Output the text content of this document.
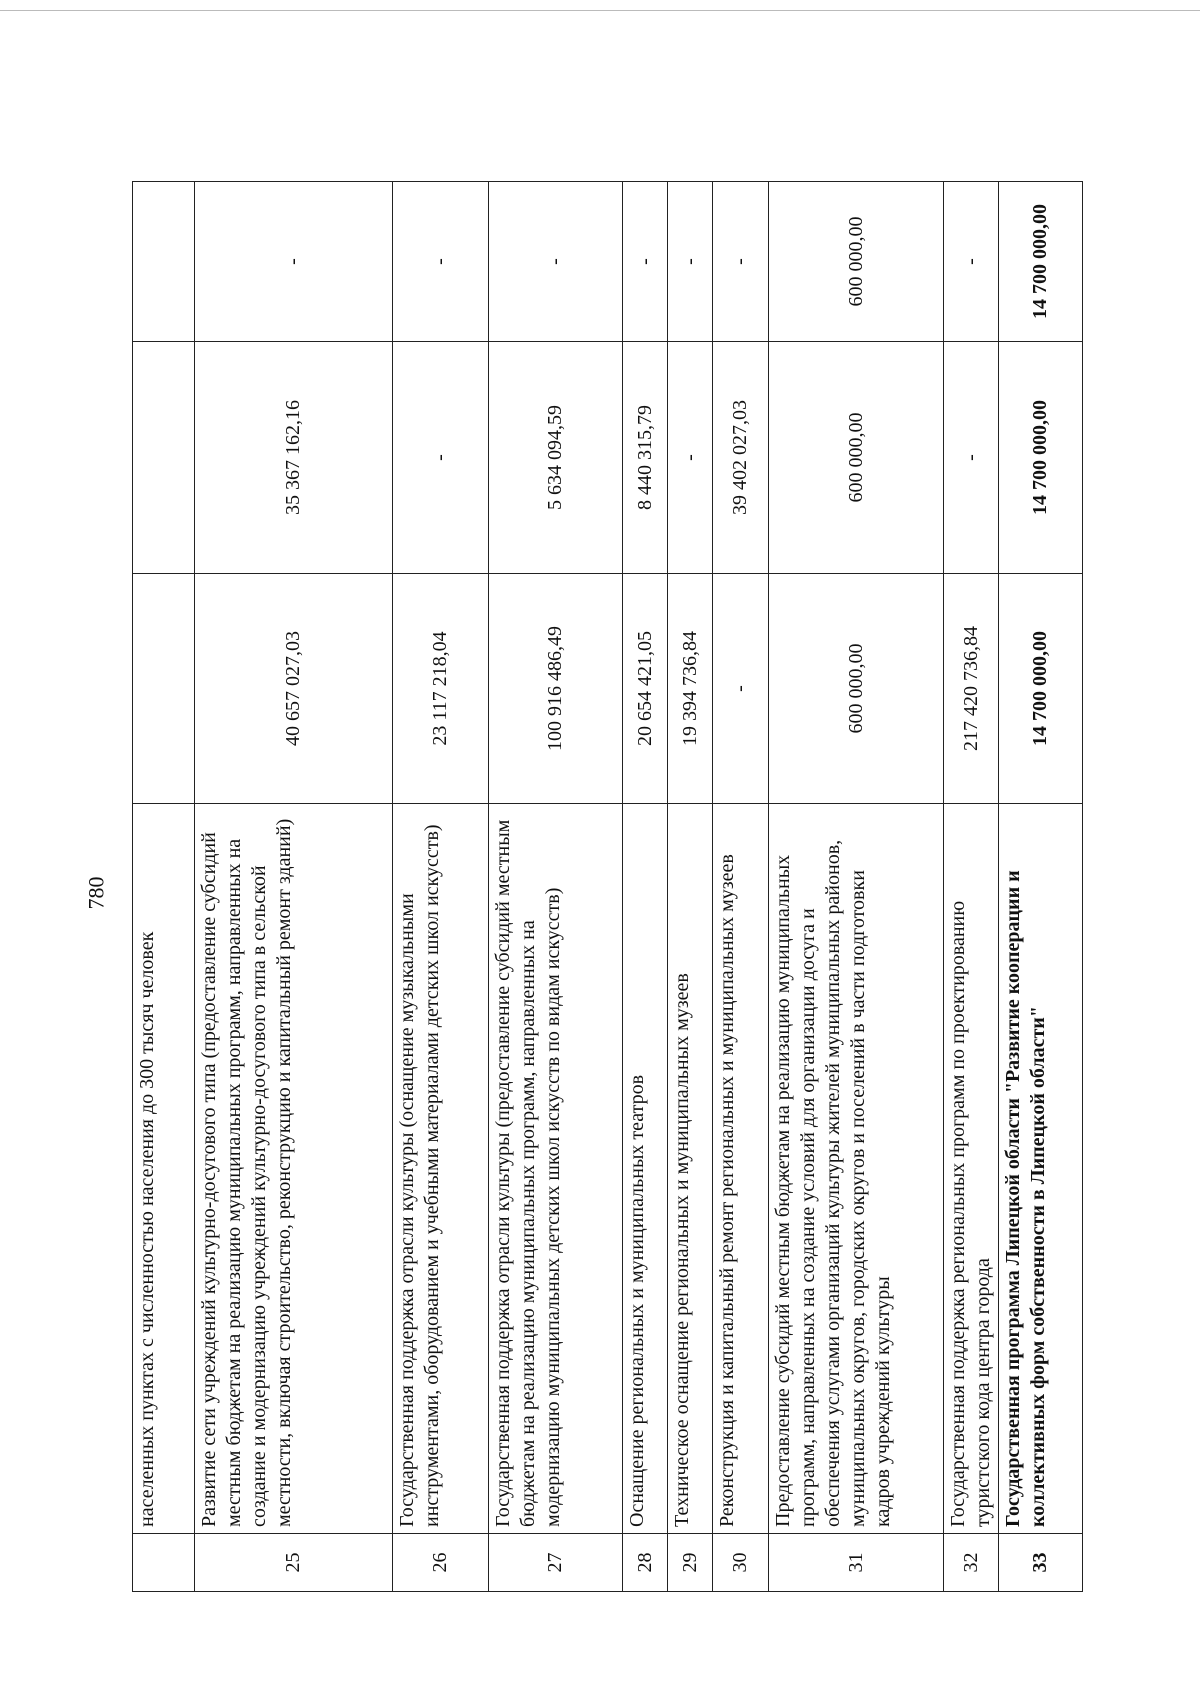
780
	населенных пунктах с численностью населения до 300 тысяч человек			
25	Развитие сети учреждений культурно-досугового типа (предоставление субсидий местным бюджетам на реализацию муниципальных программ, направленных на создание и модернизацию учреждений культурно-досугового типа в сельской местности, включая строительство, реконструкцию и капитальный ремонт зданий)	40 657 027,03	35 367 162,16	-
26	Государственная поддержка отрасли культуры (оснащение музыкальными инструментами, оборудованием и учебными материалами детских школ искусств)	23 117 218,04	-	-
27	Государственная поддержка отрасли культуры (предоставление субсидий местным бюджетам на реализацию муниципальных программ, направленных на модернизацию муниципальных детских школ искусств по видам искусств)	100 916 486,49	5 634 094,59	-
28	Оснащение региональных и муниципальных театров	20 654 421,05	8 440 315,79	-
29	Техническое оснащение региональных и муниципальных музеев	19 394 736,84	-	-
30	Реконструкция и капитальный ремонт региональных и муниципальных музеев	-	39 402 027,03	-
31	Предоставление субсидий местным бюджетам на реализацию муниципальных программ, направленных на создание условий для организации досуга и обеспечения услугами организаций культуры жителей муниципальных районов, муниципальных округов, городских округов и поселений в части подготовки кадров учреждений культуры	600 000,00	600 000,00	600 000,00
32	Государственная поддержка региональных программ по проектированию туристского кода центра города	217 420 736,84	-	-
33	Государственная программа Липецкой области "Развитие кооперации и коллективных форм собственности в Липецкой области"	14 700 000,00	14 700 000,00	14 700 000,00
